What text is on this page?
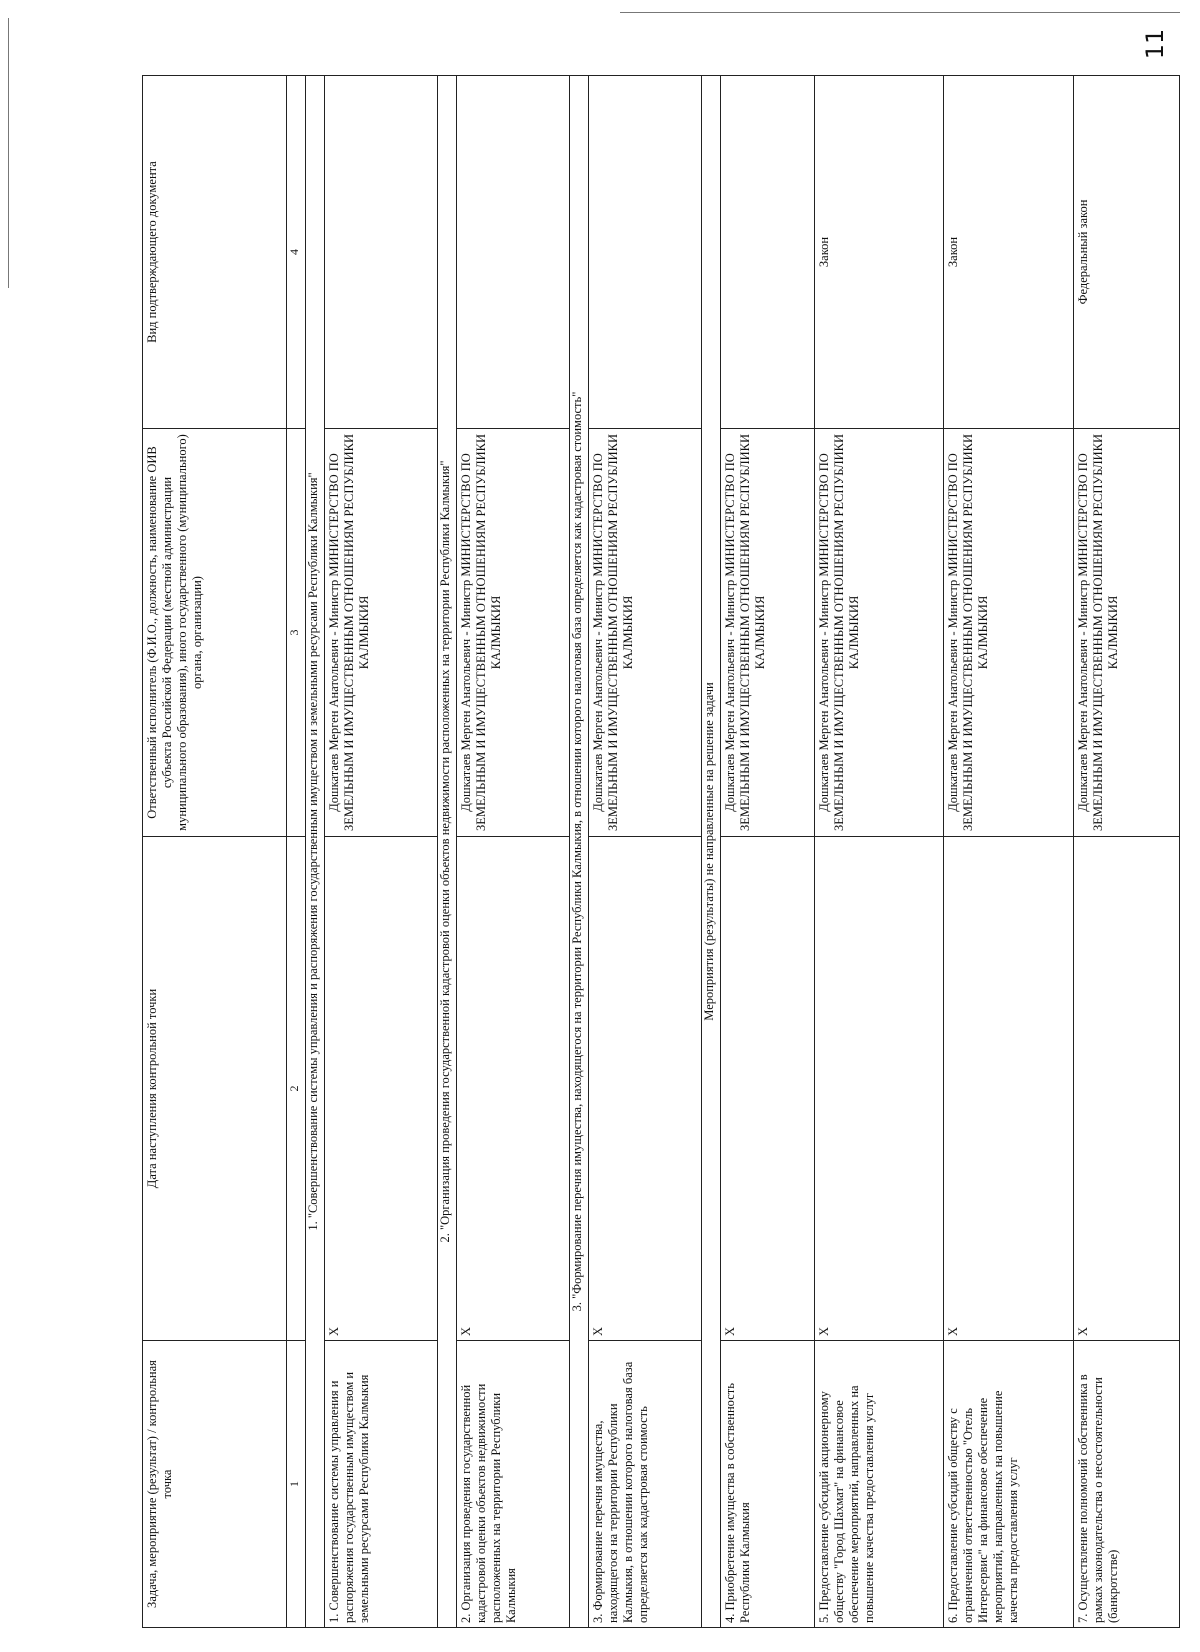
11
Задача, мероприятие (результат) / контрольная точка	Дата наступления контрольной точки	Ответственный исполнитель (Ф.И.О., должность, наименование ОИВ субъекта Российской Федерации (местной администрации муниципального образования), иного государственного (муниципального) органа, организации)	Вид подтверждающего документа
1	2	3	4
1. "Совершенствование системы управления и распоряжения государственным имуществом и земельными ресурсами Республики Калмыкия"			
1. Совершенствование системы управления и распоряжения государственным имуществом и земельными ресурсами Республики Калмыкия	X	Дошкатаев Мерген Анатольевич - Министр МИНИСТЕРСТВО ПО ЗЕМЕЛЬНЫМ И ИМУЩЕСТВЕННЫМ ОТНОШЕНИЯМ РЕСПУБЛИКИ КАЛМЫКИЯ	
2. "Организация проведения государственной кадастровой оценки объектов недвижимости расположенных на территории Республики Калмыкия"			
2. Организация проведения государственной кадастровой оценки объектов недвижимости расположенных на территории Республики Калмыкия	X	Дошкатаев Мерген Анатольевич - Министр МИНИСТЕРСТВО ПО ЗЕМЕЛЬНЫМ И ИМУЩЕСТВЕННЫМ ОТНОШЕНИЯМ РЕСПУБЛИКИ КАЛМЫКИЯ	
3. "Формирование перечня имущества, находящегося на территории Республики Калмыкия, в отношении которого налоговая база определяется как кадастровая стоимость"			
3. Формирование перечня имущества, находящегося на территории Республики Калмыкия, в отношении которого налоговая база определяется как кадастровая стоимость	X	Дошкатаев Мерген Анатольевич - Министр МИНИСТЕРСТВО ПО ЗЕМЕЛЬНЫМ И ИМУЩЕСТВЕННЫМ ОТНОШЕНИЯМ РЕСПУБЛИКИ КАЛМЫКИЯ	
Мероприятия (результаты) не направленные на решение задачи			
4. Приобретение имущества в собственность Республики Калмыкия	X	Дошкатаев Мерген Анатольевич - Министр МИНИСТЕРСТВО ПО ЗЕМЕЛЬНЫМ И ИМУЩЕСТВЕННЫМ ОТНОШЕНИЯМ РЕСПУБЛИКИ КАЛМЫКИЯ	
5. Предоставление субсидий акционерному обществу "Город Шахмат" на финансовое обеспечение мероприятий, направленных на повышение качества предоставления услуг	X	Дошкатаев Мерген Анатольевич - Министр МИНИСТЕРСТВО ПО ЗЕМЕЛЬНЫМ И ИМУЩЕСТВЕННЫМ ОТНОШЕНИЯМ РЕСПУБЛИКИ КАЛМЫКИЯ	Закон
6. Предоставление субсидий обществу с ограниченной ответственностью "Отель Интерсервис" на финансовое обеспечение мероприятий, направленных на повышение качества предоставления услуг	X	Дошкатаев Мерген Анатольевич - Министр МИНИСТЕРСТВО ПО ЗЕМЕЛЬНЫМ И ИМУЩЕСТВЕННЫМ ОТНОШЕНИЯМ РЕСПУБЛИКИ КАЛМЫКИЯ	Закон
7. Осуществление полномочий собственника в рамках законодательства о несостоятельности (банкротстве)	X	Дошкатаев Мерген Анатольевич - Министр МИНИСТЕРСТВО ПО ЗЕМЕЛЬНЫМ И ИМУЩЕСТВЕННЫМ ОТНОШЕНИЯМ РЕСПУБЛИКИ КАЛМЫКИЯ	Федеральный закон
